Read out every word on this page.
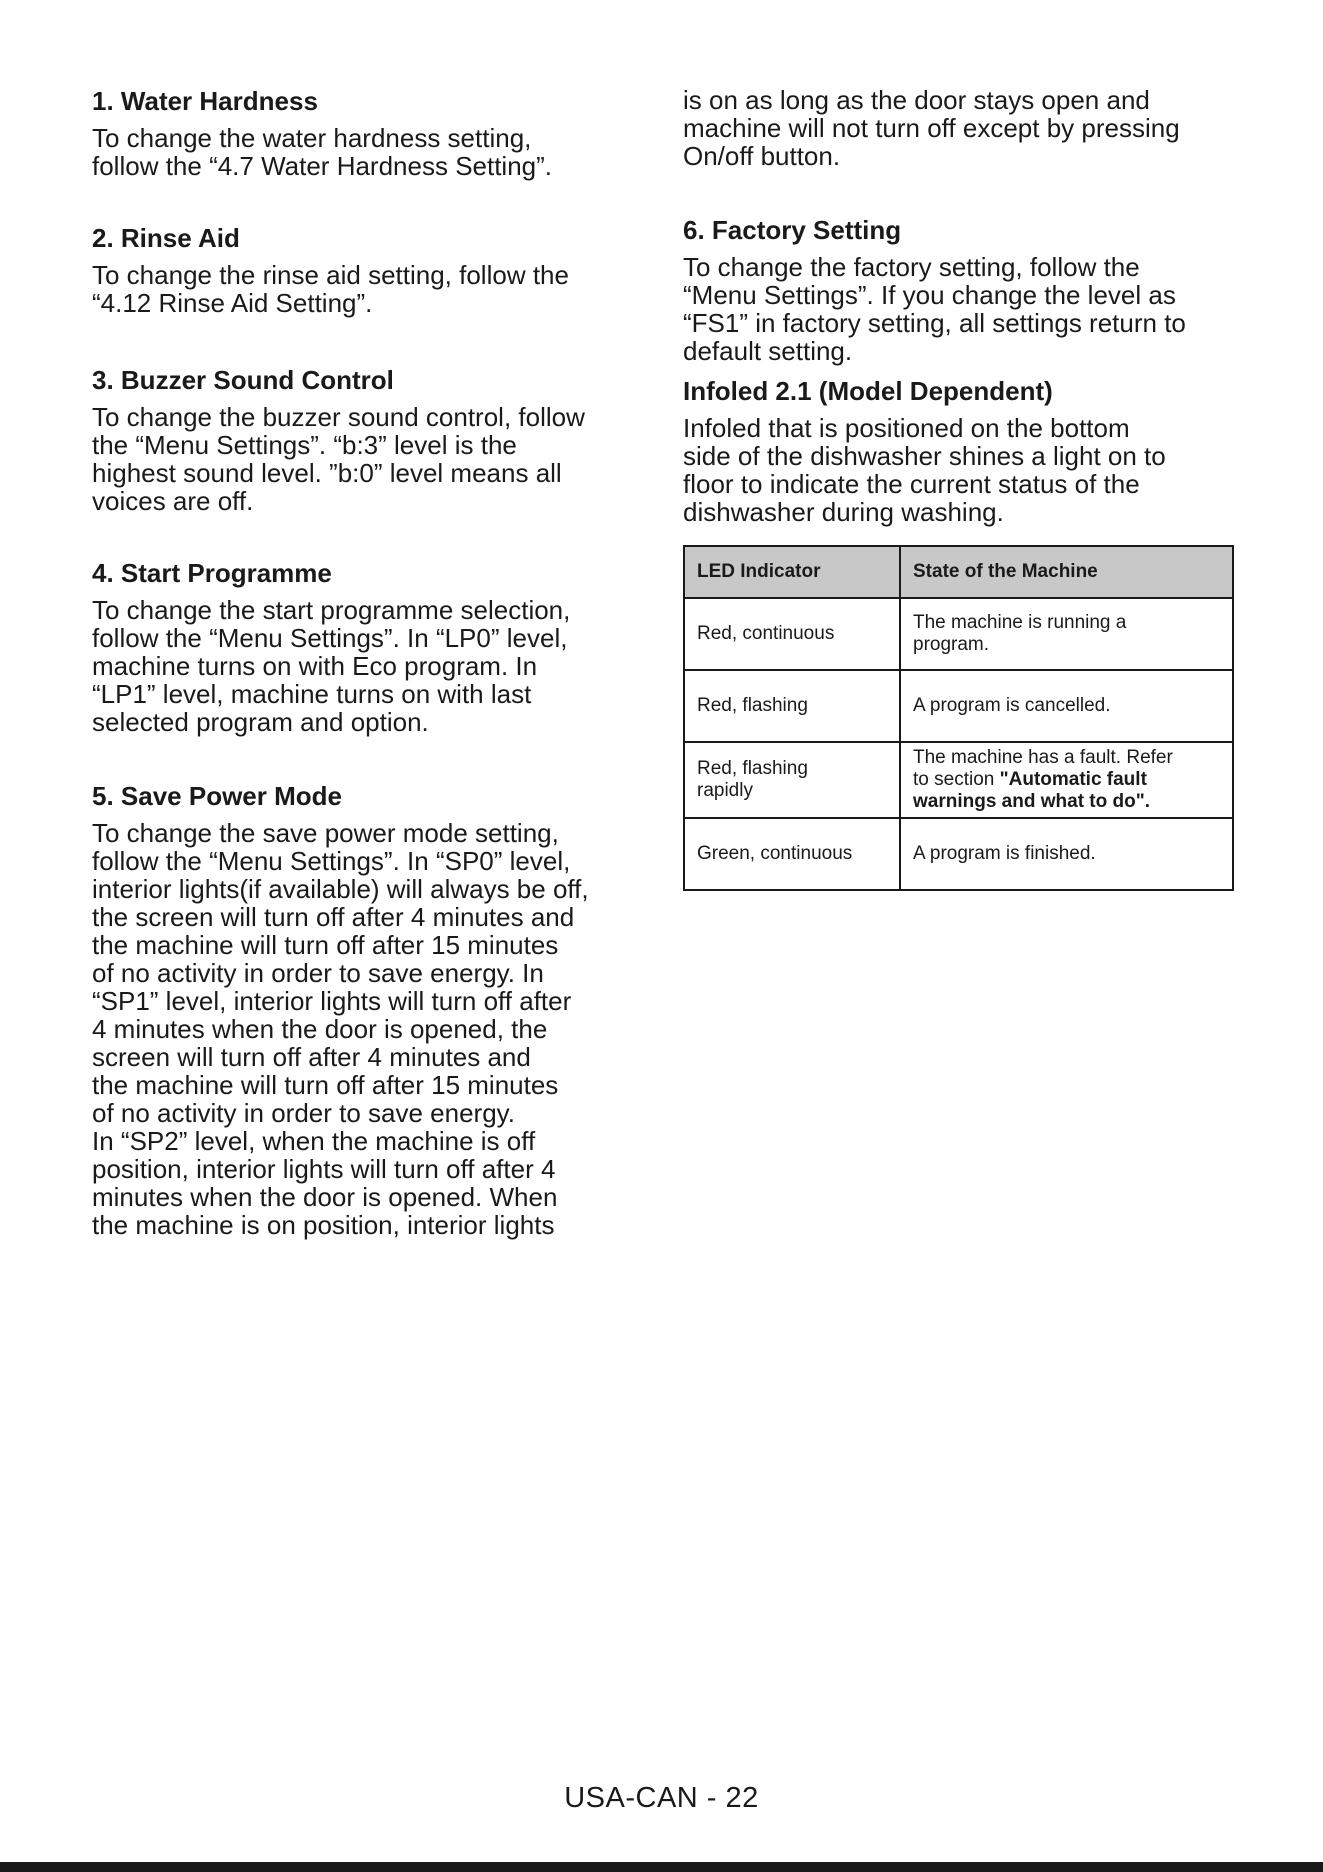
1. Water Hardness

To change the water hardness setting,
follow the “4.7 Water Hardness Setting”.

2. Rinse Aid

To change the rinse aid setting, follow the
“4.12 Rinse Aid Setting”.

3. Buzzer Sound Control

To change the buzzer sound control, follow
the “Menu Settings”. “b:3” level is the
highest sound level. ”b:0” level means all
voices are off.

4. Start Programme

To change the start programme selection,
follow the “Menu Settings”. In “LP0” level,
machine turns on with Eco program. In
“LP1” level, machine turns on with last
selected program and option.

5. Save Power Mode

To change the save power mode setting,
follow the “Menu Settings”. In “SP0” level,
interior lights(if available) will always be off,
the screen will turn off after 4 minutes and
the machine will turn off after 15 minutes
of no activity in order to save energy. In
“SP1” level, interior lights will turn off after
4 minutes when the door is opened, the
screen will turn off after 4 minutes and
the machine will turn off after 15 minutes
of no activity in order to save energy.
In “SP2” level, when the machine is off
position, interior lights will turn off after 4
minutes when the door is opened. When
the machine is on position, interior lights

is on as long as the door stays open and
machine will not turn off except by pressing
On/off button.

6. Factory Setting

To change the factory setting, follow the
“Menu Settings”. If you change the level as
“FS1” in factory setting, all settings return to
default setting.

Infoled 2.1 (Model Dependent)

Infoled that is positioned on the bottom
side of the dishwasher shines a light on to
floor to indicate the current status of the
dishwasher during washing.

LED Indicator	State of the Machine
Red, continuous	The machine is running a
program.
Red, flashing	A program is cancelled.
Red, flashing
rapidly	The machine has a fault. Refer
to section "Automatic fault
warnings and what to do".
Green, continuous	A program is finished.
USA-CAN - 22
